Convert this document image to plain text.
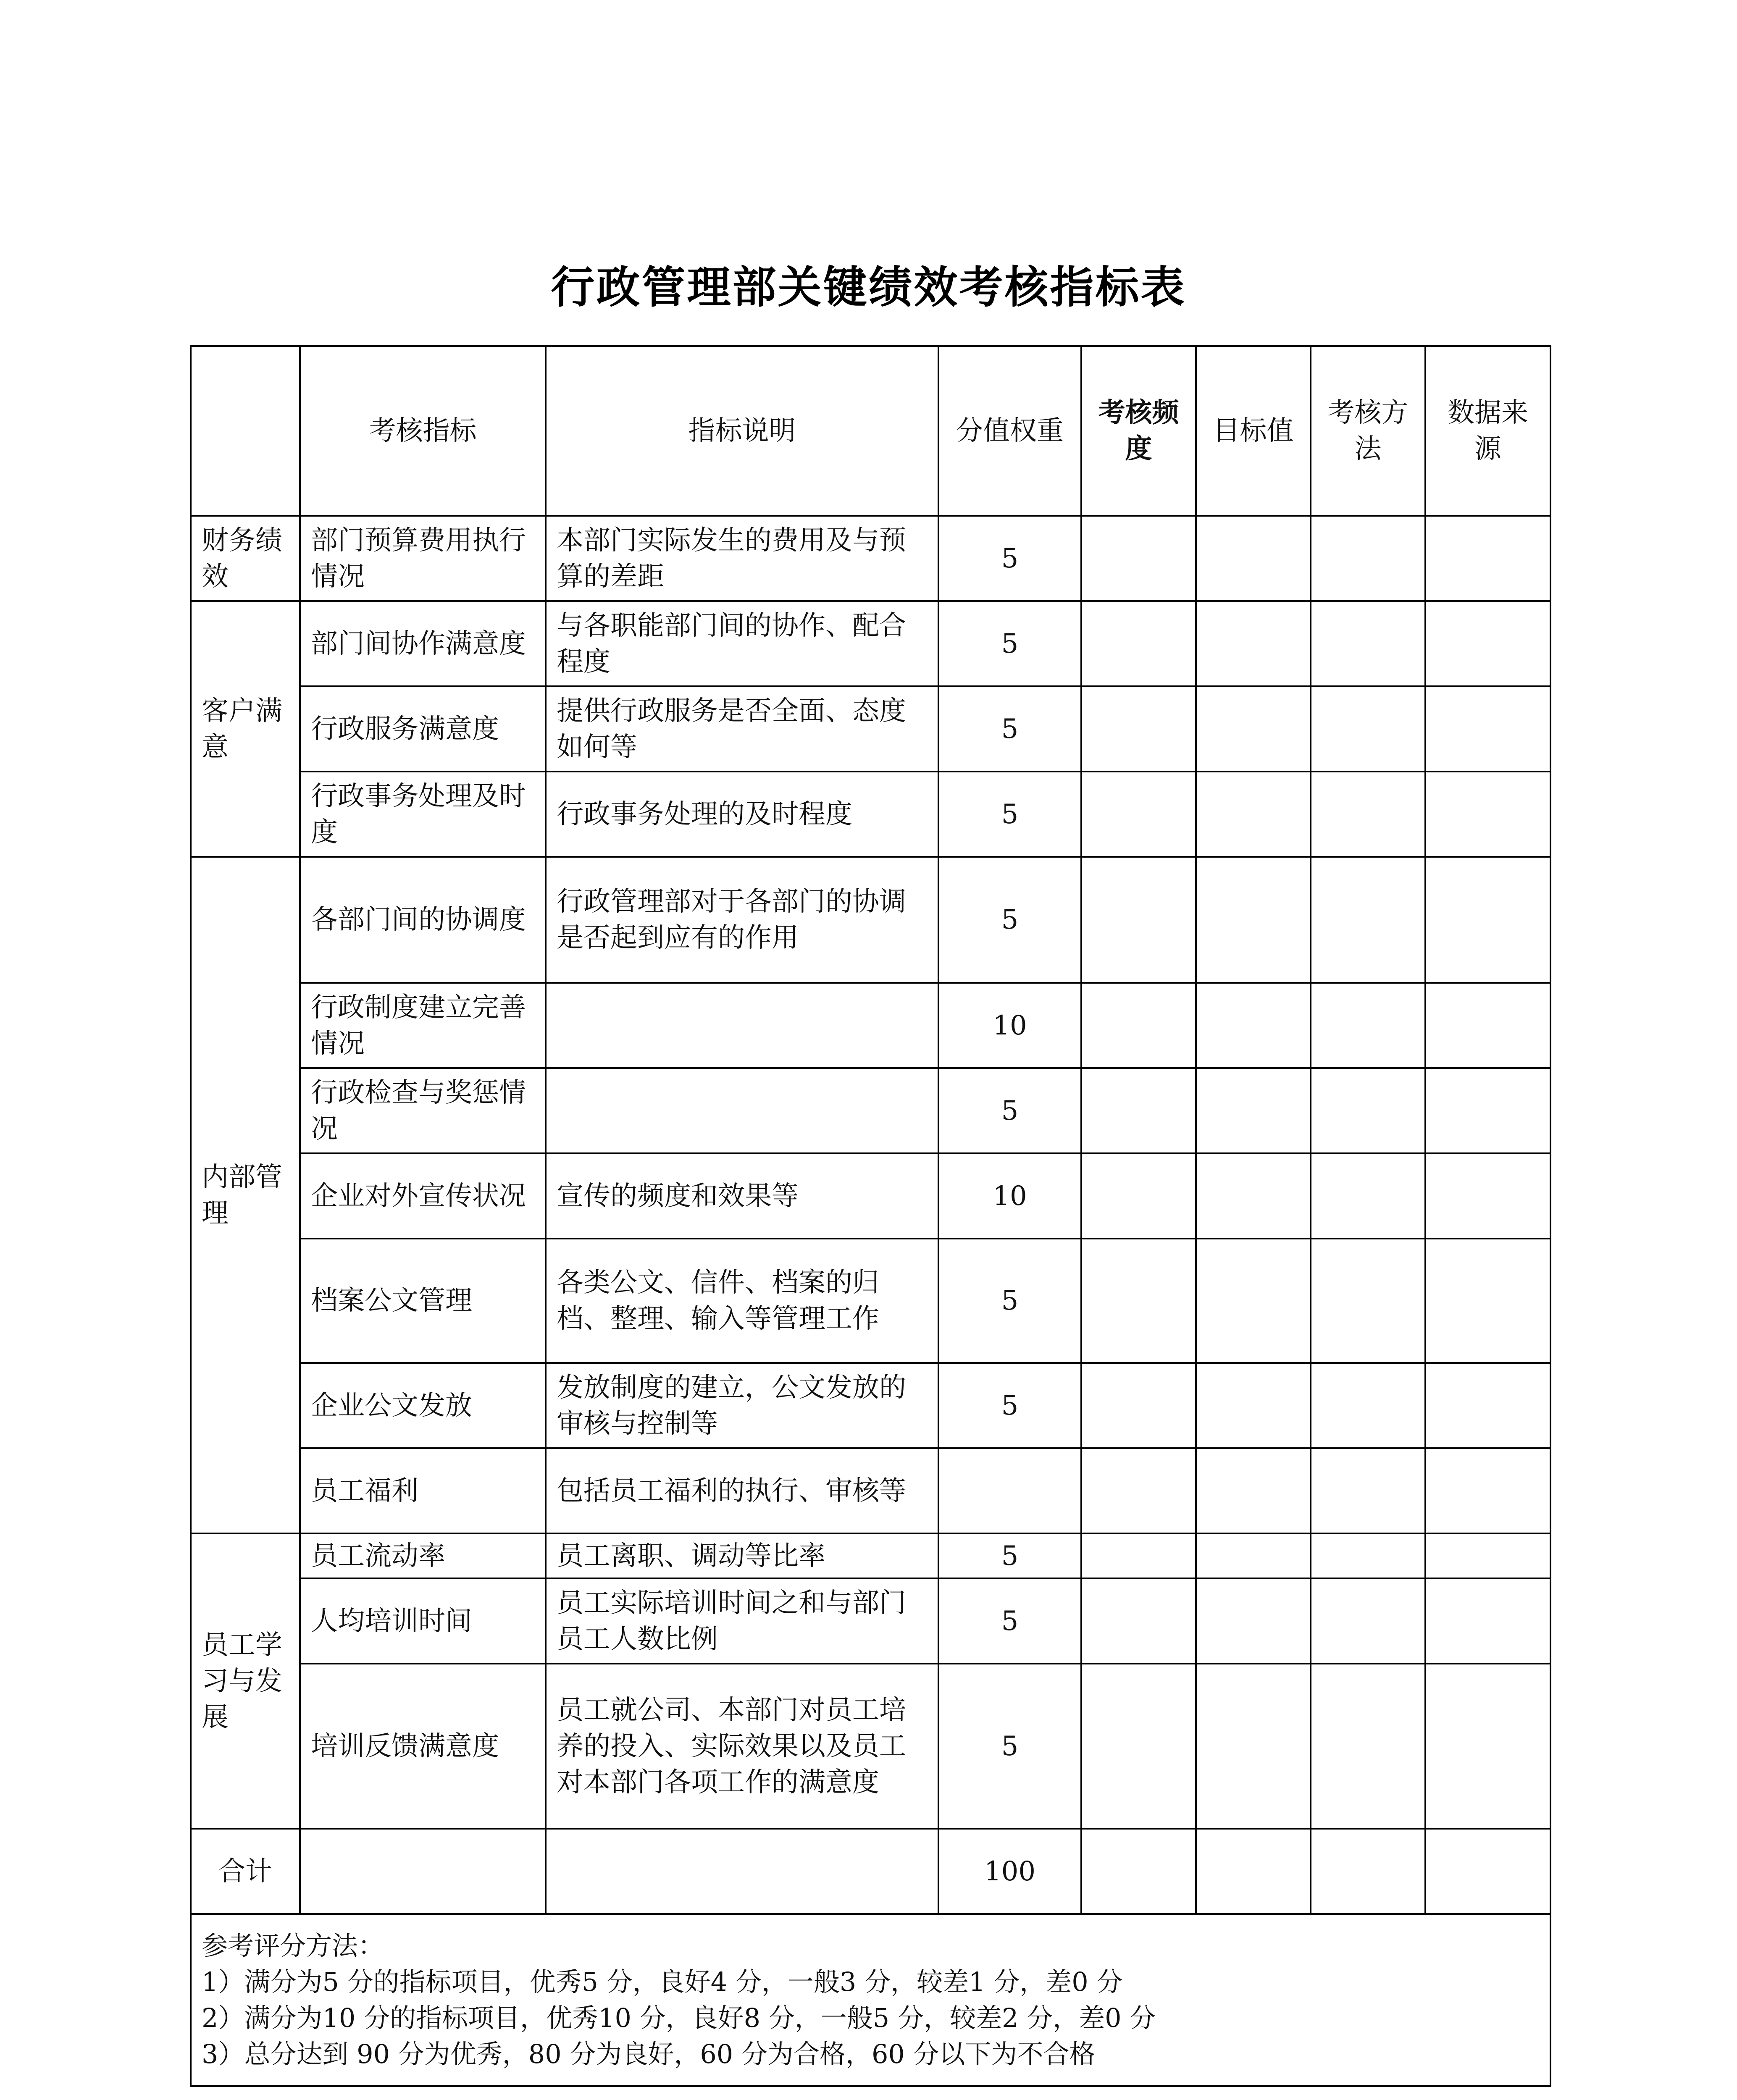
行政管理部关键绩效考核指标表
	考核指标	指标说明	分值权重	考核频度	目标值	考核方法	数据来源
财务绩效	部门预算费用执行情况	本部门实际发生的费用及与预算的差距	5				
客户满意	部门间协作满意度	与各职能部门间的协作、配合程度	5				
	行政服务满意度	提供行政服务是否全面、态度如何等	5				
	行政事务处理及时度	行政事务处理的及时程度	5				
内部管理	各部门间的协调度	行政管理部对于各部门的协调是否起到应有的作用	5				
	行政制度建立完善情况		10				
	行政检查与奖惩情况		5				
	企业对外宣传状况	宣传的频度和效果等	10				
	档案公文管理	各类公文、信件、档案的归档、整理、输入等管理工作	5				
	企业公文发放	发放制度的建立，公文发放的审核与控制等	5				
	员工福利	包括员工福利的执行、审核等					
员工学习与发展	员工流动率	员工离职、调动等比率	5				
	人均培训时间	员工实际培训时间之和与部门员工人数比例	5				
	培训反馈满意度	员工就公司、本部门对员工培养的投入、实际效果以及员工对本部门各项工作的满意度	5				
合计			100				

参考评分方法：
1）满分为5 分的指标项目，优秀5 分，良好4 分，一般3 分，较差1 分，差0 分
2）满分为10 分的指标项目，优秀10 分，良好8 分，一般5 分，较差2 分，差0 分
3）总分达到 90 分为优秀，80 分为良好，60 分为合格，60 分以下为不合格							
